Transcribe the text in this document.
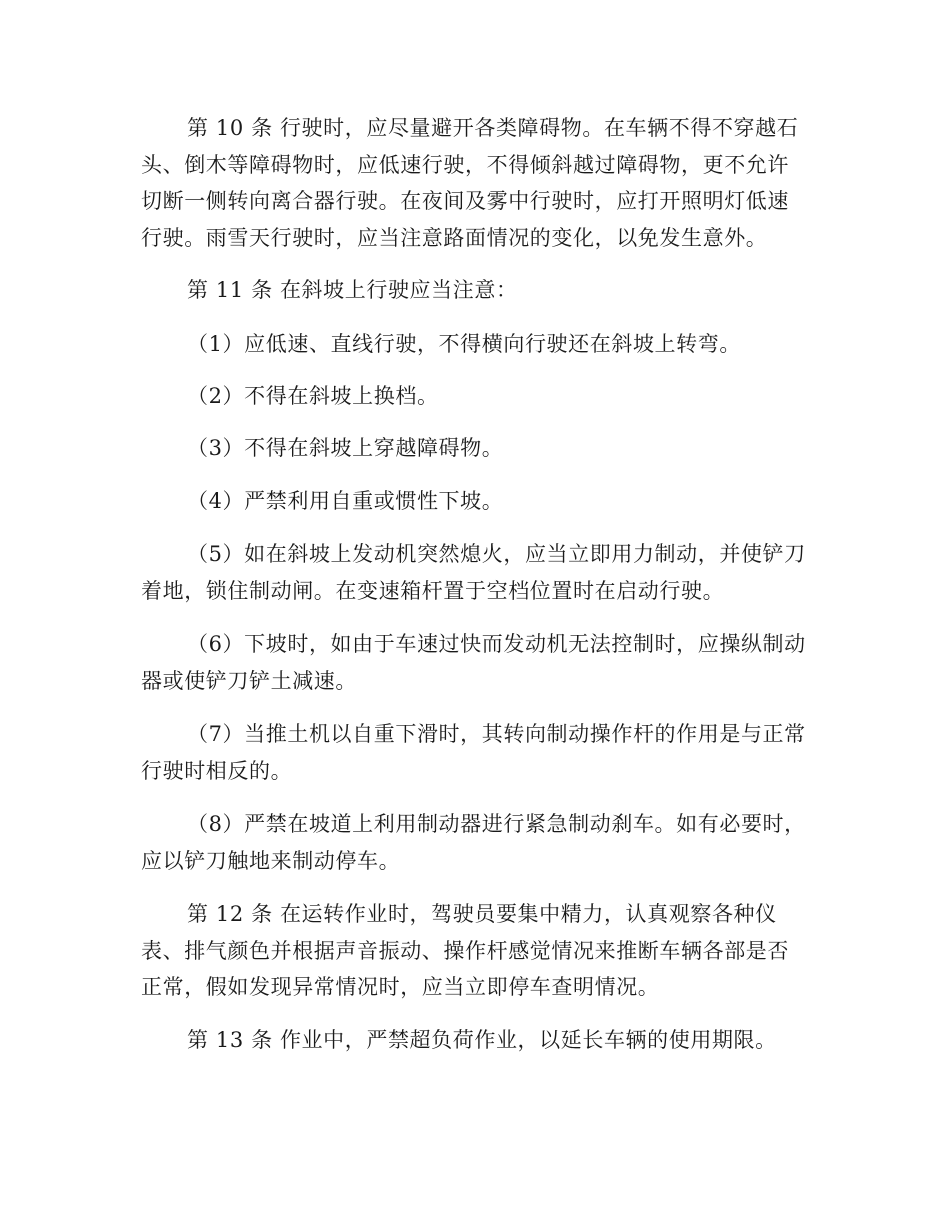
第 10 条 行驶时，应尽量避开各类障碍物。在车辆不得不穿越石
头、倒木等障碍物时，应低速行驶，不得倾斜越过障碍物，更不允许
切断一侧转向离合器行驶。在夜间及雾中行驶时，应打开照明灯低速
行驶。雨雪天行驶时，应当注意路面情况的变化，以免发生意外。
第 11 条 在斜坡上行驶应当注意：
（1）应低速、直线行驶，不得横向行驶还在斜坡上转弯。
（2）不得在斜坡上换档。
（3）不得在斜坡上穿越障碍物。
（4）严禁利用自重或惯性下坡。
（5）如在斜坡上发动机突然熄火，应当立即用力制动，并使铲刀
着地，锁住制动闸。在变速箱杆置于空档位置时在启动行驶。
（6）下坡时，如由于车速过快而发动机无法控制时，应操纵制动
器或使铲刀铲土减速。
（7）当推土机以自重下滑时，其转向制动操作杆的作用是与正常
行驶时相反的。
（8）严禁在坡道上利用制动器进行紧急制动刹车。如有必要时，
应以铲刀触地来制动停车。
第 12 条 在运转作业时，驾驶员要集中精力，认真观察各种仪
表、排气颜色并根据声音振动、操作杆感觉情况来推断车辆各部是否
正常，假如发现异常情况时，应当立即停车查明情况。
第 13 条 作业中，严禁超负荷作业，以延长车辆的使用期限。
